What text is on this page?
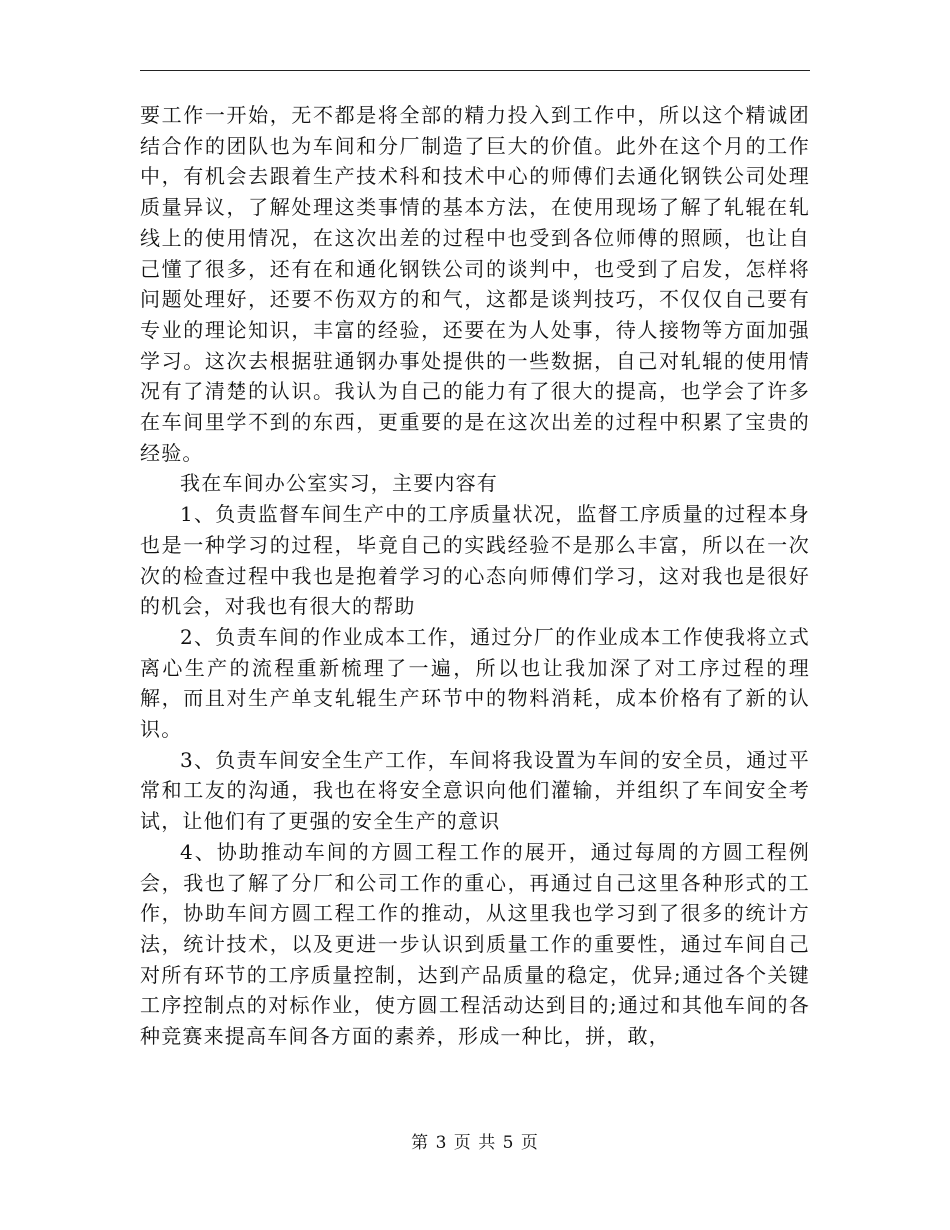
要工作一开始，无不都是将全部的精力投入到工作中，所以这个精诚团结合作的团队也为车间和分厂制造了巨大的价值。此外在这个月的工作中，有机会去跟着生产技术科和技术中心的师傅们去通化钢铁公司处理质量异议，了解处理这类事情的基本方法，在使用现场了解了轧辊在轧线上的使用情况，在这次出差的过程中也受到各位师傅的照顾，也让自己懂了很多，还有在和通化钢铁公司的谈判中，也受到了启发，怎样将问题处理好，还要不伤双方的和气，这都是谈判技巧，不仅仅自己要有专业的理论知识，丰富的经验，还要在为人处事，待人接物等方面加强学习。这次去根据驻通钢办事处提供的一些数据，自己对轧辊的使用情况有了清楚的认识。我认为自己的能力有了很大的提高，也学会了许多在车间里学不到的东西，更重要的是在这次出差的过程中积累了宝贵的经验。

我在车间办公室实习，主要内容有

1、负责监督车间生产中的工序质量状况，监督工序质量的过程本身也是一种学习的过程，毕竟自己的实践经验不是那么丰富，所以在一次次的检查过程中我也是抱着学习的心态向师傅们学习，这对我也是很好的机会，对我也有很大的帮助

2、负责车间的作业成本工作，通过分厂的作业成本工作使我将立式离心生产的流程重新梳理了一遍，所以也让我加深了对工序过程的理解，而且对生产单支轧辊生产环节中的物料消耗，成本价格有了新的认识。

3、负责车间安全生产工作，车间将我设置为车间的安全员，通过平常和工友的沟通，我也在将安全意识向他们灌输，并组织了车间安全考试，让他们有了更强的安全生产的意识

4、协助推动车间的方圆工程工作的展开，通过每周的方圆工程例会，我也了解了分厂和公司工作的重心，再通过自己这里各种形式的工作，协助车间方圆工程工作的推动，从这里我也学习到了很多的统计方法，统计技术，以及更进一步认识到质量工作的重要性，通过车间自己对所有环节的工序质量控制，达到产品质量的稳定，优异;通过各个关键工序控制点的对标作业，使方圆工程活动达到目的;通过和其他车间的各种竞赛来提高车间各方面的素养，形成一种比，拼，敢，

第 3 页 共 5 页
